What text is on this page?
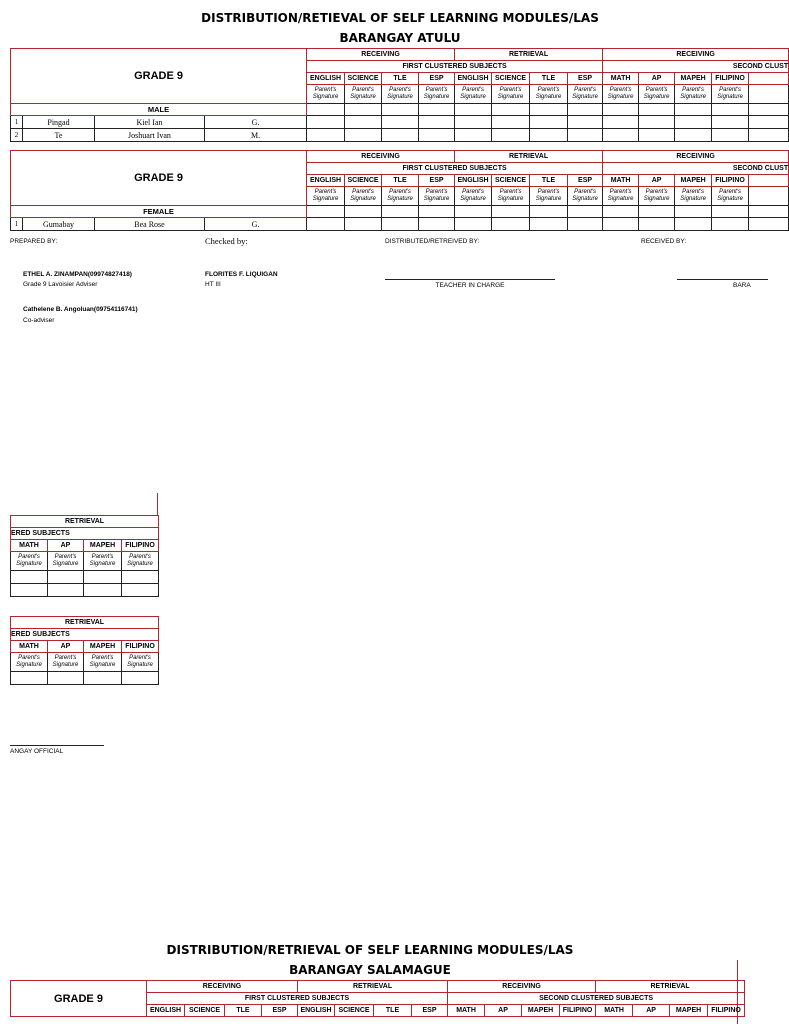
DISTRIBUTION/RETIEVAL OF SELF LEARNING MODULES/LAS
BARANGAY ATULU
GRADE 9				RECEIVING				RETRIEVAL				RECEIVING				
				FIRST CLUSTERED SUBJECTS								SECOND CLUST				
				ENGLISH	SCIENCE	TLE	ESP	ENGLISH	SCIENCE	TLE	ESP	MATH	AP	MAPEH	FILIPINO	
				Parent's
Signature	Parent's
Signature	Parent's
Signature	Parent's
Signature	Parent's
Signature	Parent's
Signature	Parent's
Signature	Parent's
Signature	Parent's
Signature	Parent's
Signature	Parent's
Signature	Parent's
Signature	
MALE																
1	Pingad	Kiel Ian	G.													
2	Te	Joshuart Ivan	M.													
GRADE 9				RECEIVING				RETRIEVAL				RECEIVING				
				FIRST CLUSTERED SUBJECTS								SECOND CLUST				
				ENGLISH	SCIENCE	TLE	ESP	ENGLISH	SCIENCE	TLE	ESP	MATH	AP	MAPEH	FILIPINO	
				Parent's
Signature	Parent's
Signature	Parent's
Signature	Parent's
Signature	Parent's
Signature	Parent's
Signature	Parent's
Signature	Parent's
Signature	Parent's
Signature	Parent's
Signature	Parent's
Signature	Parent's
Signature	
FEMALE																
1	Gumabay	Bea Rose	G.													
PREPARED BY:	Checked by:	DISTRIBUTED/RETREIVED BY:	RECEIVED BY:
ETHEL A. ZINAMPAN(09974827418)
Grade 9 Lavoisier Adviser
FLORITES F. LIQUIGAN
HT III	TEACHER IN CHARGE	BARA
Cathelene B. Angoluan(09754116741)
Co-adviser
RETRIEVAL			
ERED SUBJECTS			
MATH	AP	MAPEH	FILIPINO
Parent's
Signature	Parent's
Signature	Parent's
Signature	Parent's
Signature

RETRIEVAL			
ERED SUBJECTS			
MATH	AP	MAPEH	FILIPINO
Parent's
Signature	Parent's
Signature	Parent's
Signature	Parent's
Signature

ANGAY OFFICIAL
DISTRIBUTION/RETRIEVAL OF SELF LEARNING MODULES/LAS
BARANGAY SALAMAGUE
GRADE 9	RECEIVING				RETRIEVAL				RECEIVING				RETRIEVAL			
	FIRST CLUSTERED SUBJECTS								SECOND CLUSTERED SUBJECTS							
	ENGLISH	SCIENCE	TLE	ESP	ENGLISH	SCIENCE	TLE	ESP	MATH	AP	MAPEH	FILIPINO	MATH	AP	MAPEH	FILIPINO
